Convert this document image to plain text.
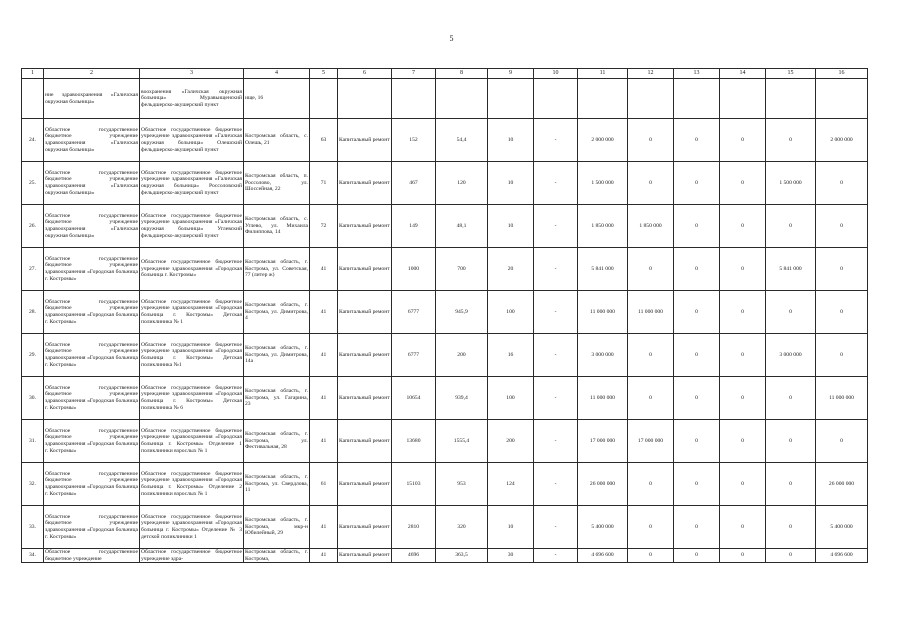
5
1	2	3	4	5	6	7	8	9	10	11	12	13	14	15	16
	ние здравоохранения «Галичская окружная больница»	воохранения «Галичская окружная больница» Муравьищенский фельдшерско-акушерский пункт	ище, 16												
24.	Областное государственное бюджетное учреждение здравоохранения «Галичская окружная больница»	Областное государственное бюджетное учреждение здравоохранения «Галичская окружная больница» Олешский фельдшерско-акушерский пункт	Костромская область, с. Олешь, 21	63	Капитальный ремонт	152	54,4	10	-	2 000 000	0	0	0	0	2 000 000
25.	Областное государственное бюджетное учреждение здравоохранения «Галичская окружная больница»	Областное государственное бюджетное учреждение здравоохранения «Галичская окружная больница» Россоловский фельдшерско-акушерский пункт	Костромская область, п. Россолово, ул. Шоссейная, 22	71	Капитальный ремонт	467	120	10	-	1 500 000	0	0	0	1 500 000	0
26.	Областное государственное бюджетное учреждение здравоохранения «Галичская окружная больница»	Областное государственное бюджетное учреждение здравоохранения «Галичская окружная больница» Углевский фельдшерско-акушерский пункт	Костромская область, с. Углево, ул. Михаила Филиппова, 14	72	Капитальный ремонт	149	48,1	10	-	1 850 000	1 850 000	0	0	0	0
27.	Областное государственное бюджетное учреждение здравоохранения «Городская больница г. Костромы»	Областное государственное бюджетное учреждение здравоохранения «Городская больница г. Костромы»	Костромская область, г. Кострома, ул. Советская, 77 (литер ж)	41	Капитальный ремонт	1000	700	20	-	5 841 000	0	0	0	5 841 000	0
28.	Областное государственное бюджетное учреждение здравоохранения «Городская больница г. Костромы»	Областное государственное бюджетное учреждение здравоохранения «Городская больница г. Костромы» Детская поликлиника № 1	Костромская область, г. Кострома, ул. Димитрова, 4	41	Капитальный ремонт	6777	945,9	100	-	11 000 000	11 000 000	0	0	0	0
29.	Областное государственное бюджетное учреждение здравоохранения «Городская больница г. Костромы»	Областное государственное бюджетное учреждение здравоохранения «Городская больница г. Костромы» Детская поликлиника №1	Костромская область, г. Кострома, ул. Димитрова, 14а	41	Капитальный ремонт	6777	200	16	-	3 000 000	0	0	0	3 000 000	0
30.	Областное государственное бюджетное учреждение здравоохранения «Городская больница г. Костромы»	Областное государственное бюджетное учреждение здравоохранения «Городская больница г. Костромы» Детская поликлиника № 6	Костромская область, г. Кострома, ул. Гагарина, 23	41	Капитальный ремонт	10654	939,4	100	-	11 000 000	0	0	0	0	11 000 000
31.	Областное государственное бюджетное учреждение здравоохранения «Городская больница г. Костромы»	Областное государственное бюджетное учреждение здравоохранения «Городская больница г. Костромы» Отделение 1 поликлиники взрослых № 1	Костромская область, г. Кострома, ул. Фестивальная, 28	41	Капитальный ремонт	13680	1555,4	200	-	17 000 000	17 000 000	0	0	0	0
32.	Областное государственное бюджетное учреждение здравоохранения «Городская больница г. Костромы»	Областное государственное бюджетное учреждение здравоохранения «Городская больница г. Костромы» Отделение 2 поликлиники взрослых № 1	Костромская область, г. Кострома, ул. Свердлова, 11	61	Капитальный ремонт	15103	953	124	-	26 000 000	0	0	0	0	26 000 000
33.	Областное государственное бюджетное учреждение здравоохранения «Городская больница г. Костромы»	Областное государственное бюджетное учреждение здравоохранения «Городская больница г. Костромы» Отделение № 3 детской поликлиники 1	Костромская область, г. Кострома, мкр-н Юбилейный, 29	41	Капитальный ремонт	2810	320	10	-	5 400 000	0	0	0	0	5 400 000
34.	Областное государственное бюджетное учреждение	Областное государственное бюджетное учреждение здра-	Костромская область, г. Кострома,	41	Капитальный ремонт	4696	363,5	30	-	4 696 600	0	0	0	0	4 696 600
